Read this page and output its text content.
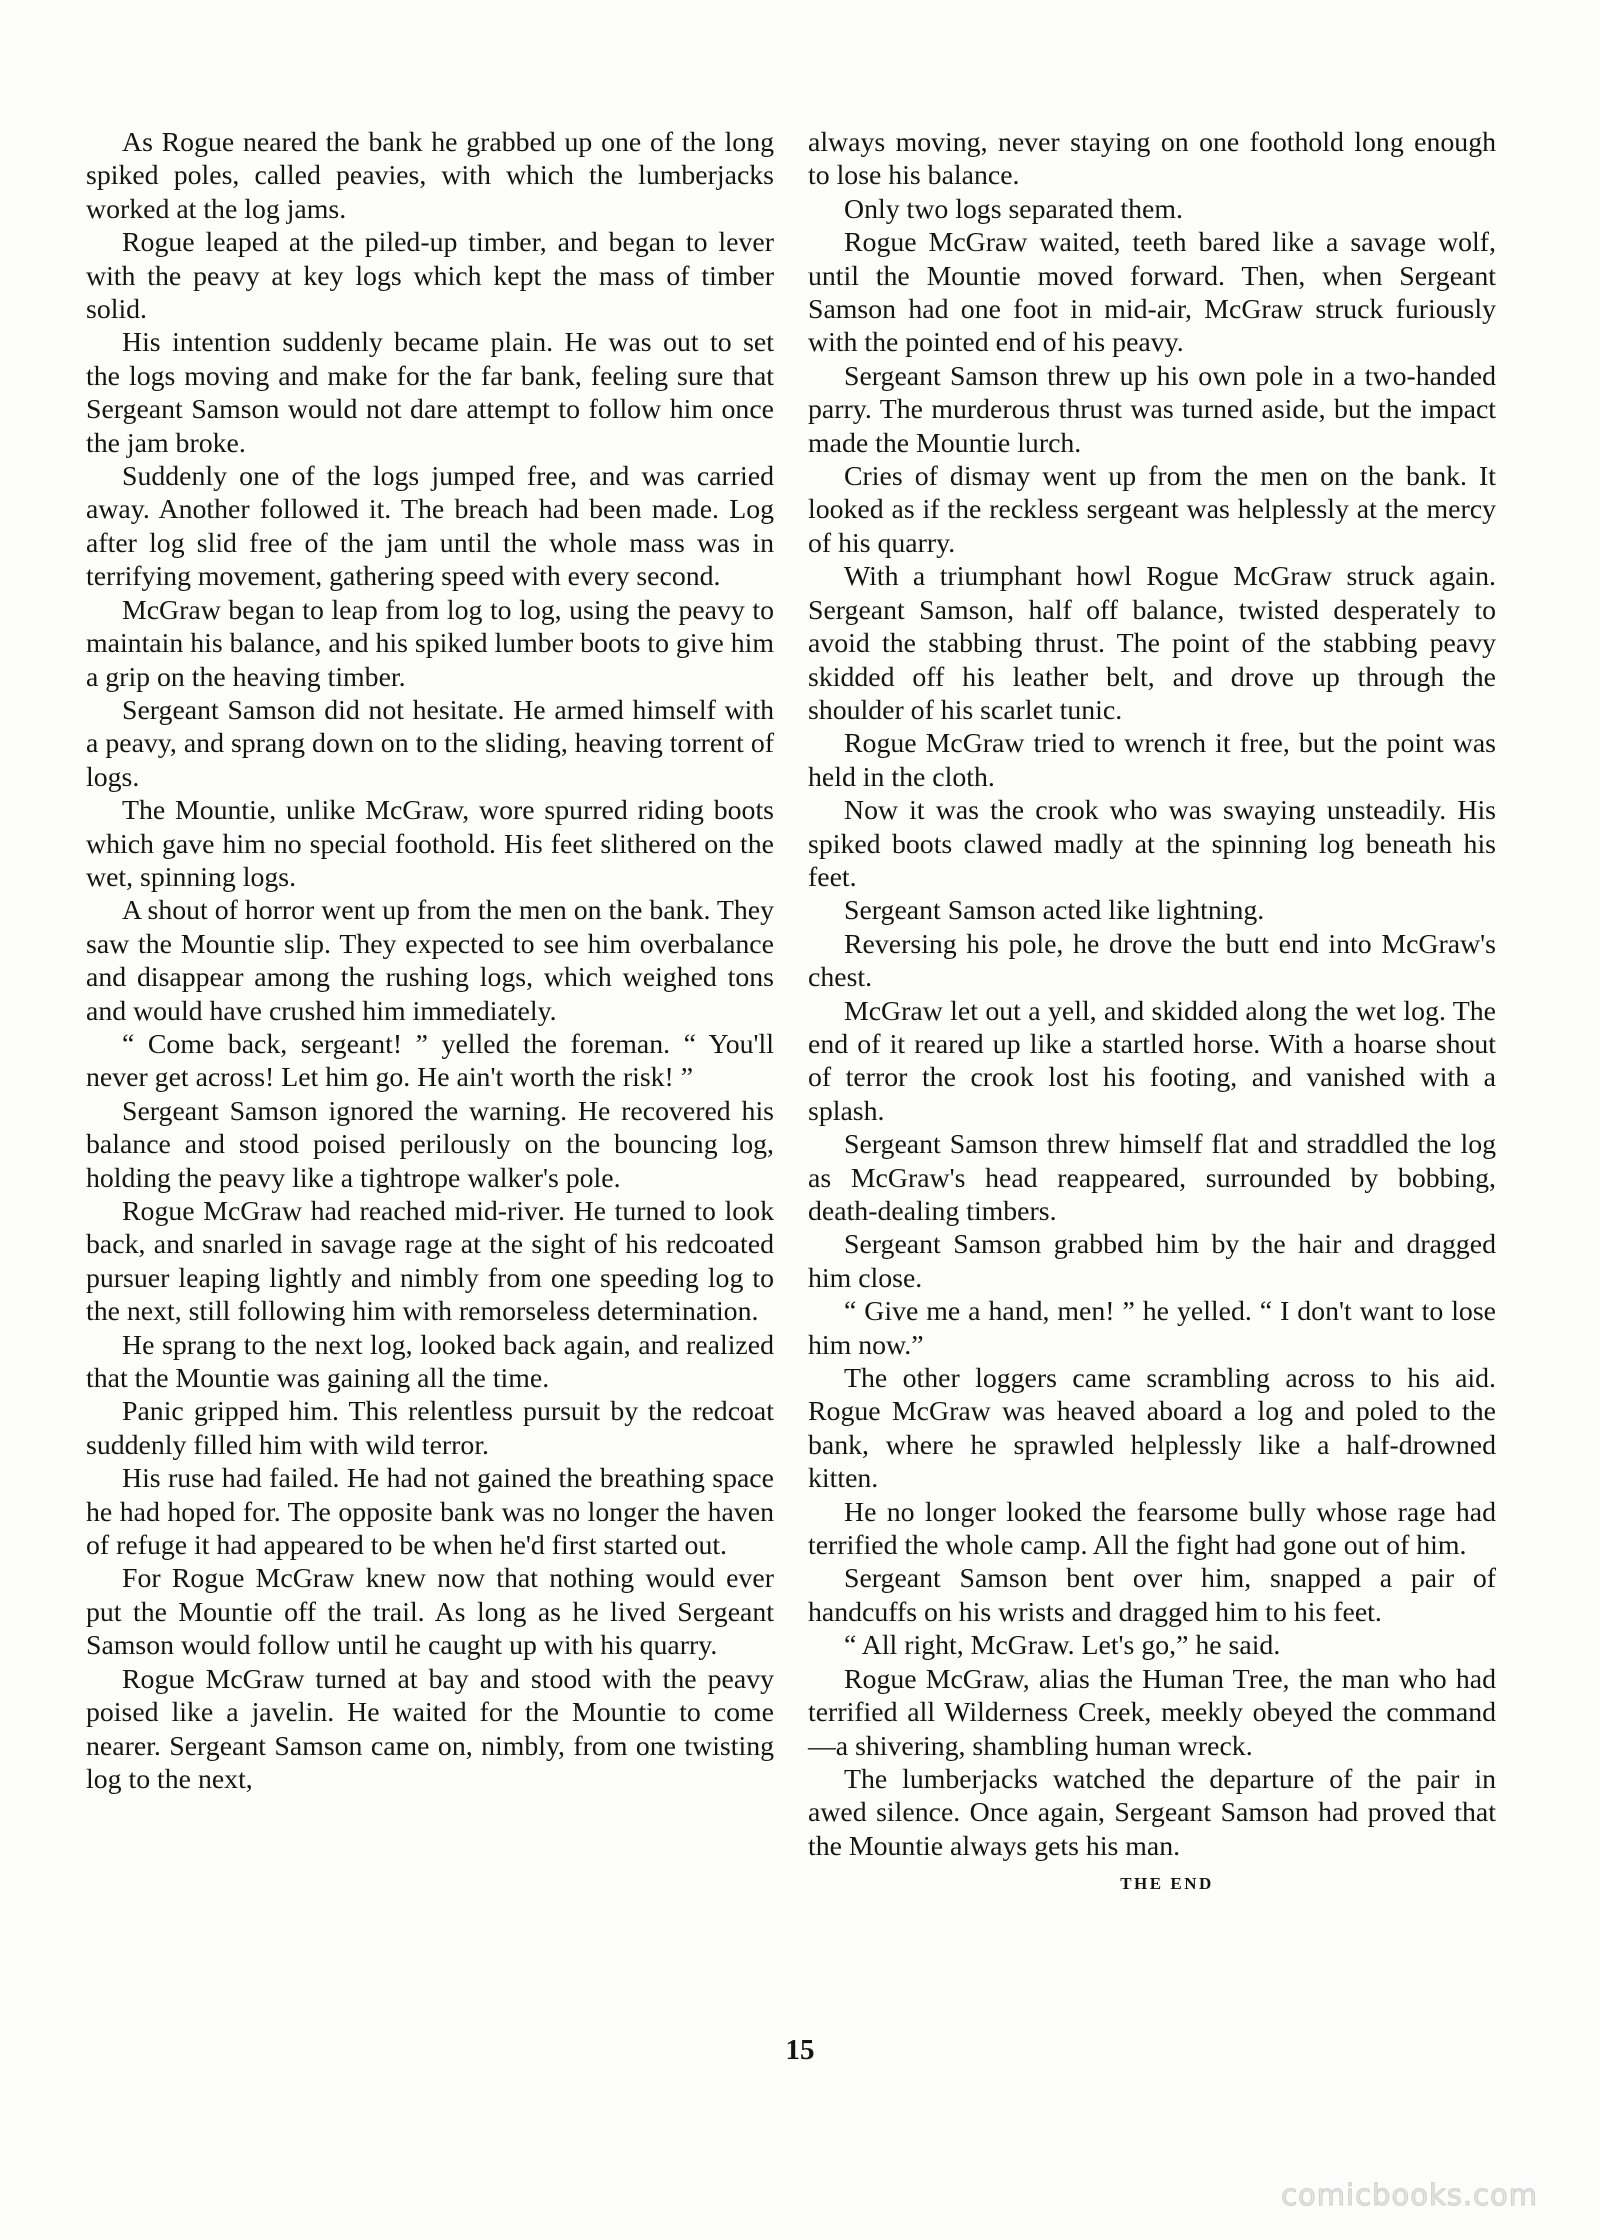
As Rogue neared the bank he grabbed up one of the long spiked poles, called peavies, with which the lumberjacks worked at the log jams.

Rogue leaped at the piled-up timber, and began to lever with the peavy at key logs which kept the mass of timber solid.

His intention suddenly became plain. He was out to set the logs moving and make for the far bank, feeling sure that Sergeant Samson would not dare attempt to follow him once the jam broke.

Suddenly one of the logs jumped free, and was carried away. Another followed it. The breach had been made. Log after log slid free of the jam until the whole mass was in terrifying movement, gathering speed with every second.

McGraw began to leap from log to log, using the peavy to maintain his balance, and his spiked lumber boots to give him a grip on the heaving timber.

Sergeant Samson did not hesitate. He armed himself with a peavy, and sprang down on to the sliding, heaving torrent of logs.

The Mountie, unlike McGraw, wore spurred riding boots which gave him no special foothold. His feet slithered on the wet, spinning logs.

A shout of horror went up from the men on the bank. They saw the Mountie slip. They expected to see him overbalance and disappear among the rushing logs, which weighed tons and would have crushed him immediately.

“ Come back, sergeant! ” yelled the foreman. “ You'll never get across! Let him go. He ain't worth the risk! ”

Sergeant Samson ignored the warning. He recovered his balance and stood poised perilously on the bouncing log, holding the peavy like a tightrope walker's pole.

Rogue McGraw had reached mid-river. He turned to look back, and snarled in savage rage at the sight of his redcoated pursuer leaping lightly and nimbly from one speeding log to the next, still following him with remorseless determination.

He sprang to the next log, looked back again, and realized that the Mountie was gaining all the time.

Panic gripped him. This relentless pursuit by the redcoat suddenly filled him with wild terror.

His ruse had failed. He had not gained the breathing space he had hoped for. The opposite bank was no longer the haven of refuge it had appeared to be when he'd first started out.

For Rogue McGraw knew now that nothing would ever put the Mountie off the trail. As long as he lived Sergeant Samson would follow until he caught up with his quarry.

Rogue McGraw turned at bay and stood with the peavy poised like a javelin. He waited for the Mountie to come nearer. Sergeant Samson came on, nimbly, from one twisting log to the next,

always moving, never staying on one foothold long enough to lose his balance.

Only two logs separated them.

Rogue McGraw waited, teeth bared like a savage wolf, until the Mountie moved forward. Then, when Sergeant Samson had one foot in mid-air, McGraw struck furiously with the pointed end of his peavy.

Sergeant Samson threw up his own pole in a two-handed parry. The murderous thrust was turned aside, but the impact made the Mountie lurch.

Cries of dismay went up from the men on the bank. It looked as if the reckless sergeant was helplessly at the mercy of his quarry.

With a triumphant howl Rogue McGraw struck again. Sergeant Samson, half off balance, twisted desperately to avoid the stabbing thrust. The point of the stabbing peavy skidded off his leather belt, and drove up through the shoulder of his scarlet tunic.

Rogue McGraw tried to wrench it free, but the point was held in the cloth.

Now it was the crook who was swaying unsteadily. His spiked boots clawed madly at the spinning log beneath his feet.

Sergeant Samson acted like lightning.

Reversing his pole, he drove the butt end into McGraw's chest.

McGraw let out a yell, and skidded along the wet log. The end of it reared up like a startled horse. With a hoarse shout of terror the crook lost his footing, and vanished with a splash.

Sergeant Samson threw himself flat and straddled the log as McGraw's head reappeared, surrounded by bobbing, death-dealing timbers.

Sergeant Samson grabbed him by the hair and dragged him close.

“ Give me a hand, men! ” he yelled. “ I don't want to lose him now.”

The other loggers came scrambling across to his aid. Rogue McGraw was heaved aboard a log and poled to the bank, where he sprawled helplessly like a half-drowned kitten.

He no longer looked the fearsome bully whose rage had terrified the whole camp. All the fight had gone out of him.

Sergeant Samson bent over him, snapped a pair of handcuffs on his wrists and dragged him to his feet.

“ All right, McGraw. Let's go,” he said.

Rogue McGraw, alias the Human Tree, the man who had terrified all Wilderness Creek, meekly obeyed the command—a shivering, shambling human wreck.

The lumberjacks watched the departure of the pair in awed silence. Once again, Sergeant Samson had proved that the Mountie always gets his man.

THE END
15
comicbooks.com
